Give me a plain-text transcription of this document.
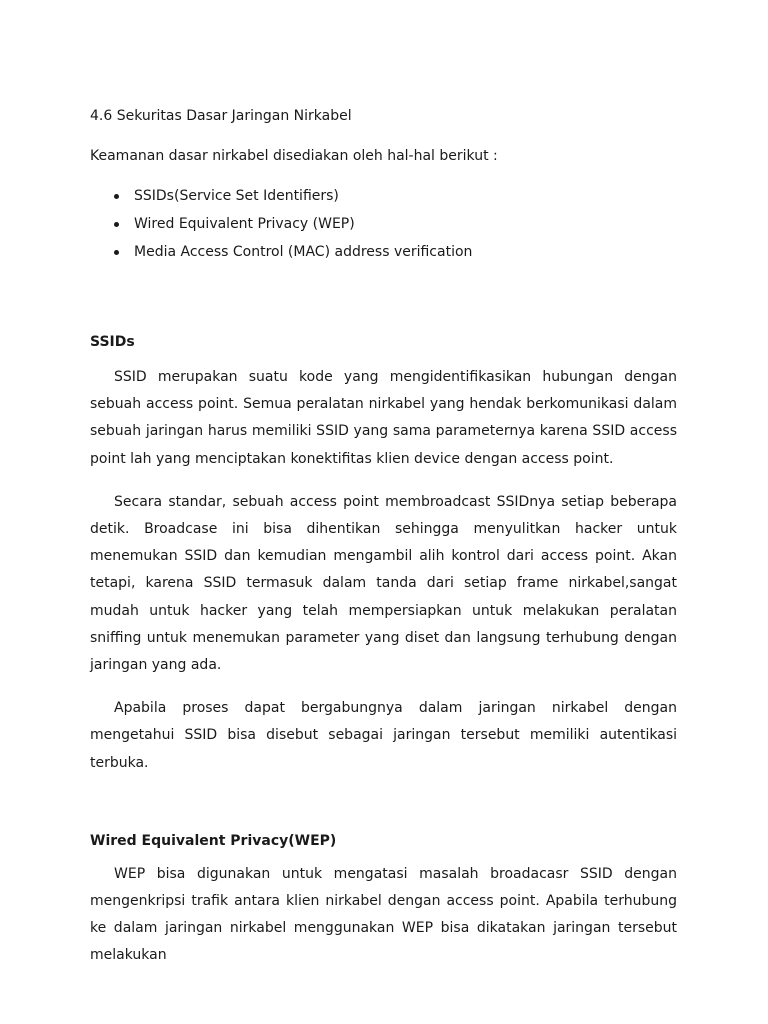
4.6 Sekuritas Dasar Jaringan Nirkabel
Keamanan dasar nirkabel disediakan oleh hal-hal berikut :
SSIDs(Service Set Identifiers)
Wired Equivalent Privacy (WEP)
Media Access Control (MAC) address verification
SSIDs

SSID merupakan suatu kode yang mengidentifikasikan hubungan dengan sebuah access point. Semua peralatan nirkabel yang hendak berkomunikasi dalam sebuah jaringan harus memiliki SSID yang sama parameternya karena SSID access point lah yang menciptakan konektifitas klien device dengan access point.

Secara standar, sebuah access point membroadcast SSIDnya setiap beberapa detik. Broadcase ini bisa dihentikan sehingga menyulitkan hacker untuk menemukan SSID dan kemudian mengambil alih kontrol dari access point. Akan tetapi, karena SSID termasuk dalam tanda dari setiap frame nirkabel,sangat mudah untuk hacker yang telah mempersiapkan untuk melakukan peralatan sniffing untuk menemukan parameter yang diset dan langsung terhubung dengan jaringan yang ada.

Apabila proses dapat bergabungnya dalam jaringan nirkabel dengan mengetahui SSID bisa disebut sebagai jaringan tersebut memiliki autentikasi terbuka.

Wired Equivalent Privacy(WEP)

WEP bisa digunakan untuk mengatasi masalah broadacasr SSID dengan mengenkripsi trafik antara klien nirkabel dengan access point. Apabila terhubung ke dalam jaringan nirkabel menggunakan WEP bisa dikatakan jaringan tersebut melakukan
